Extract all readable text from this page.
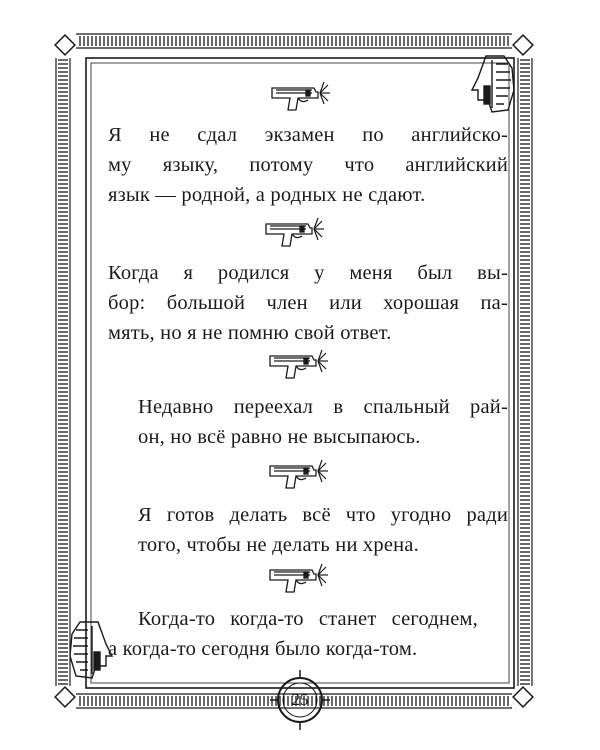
Я не сдал экзамен по английско-
му языку, потому что английский
язык — родной, а родных не сдают.
Когда я родился у меня был вы-
бор: большой член или хорошая па-
мять, но я не помню свой ответ.
Недавно переехал в спальный рай-
он, но всё равно не высыпаюсь.
Я готов делать всё что угодно ради
того, чтобы не делать ни хрена.
Когда-то когда-то станет сегоднем,
а когда-то сегодня было когда-том.
25
